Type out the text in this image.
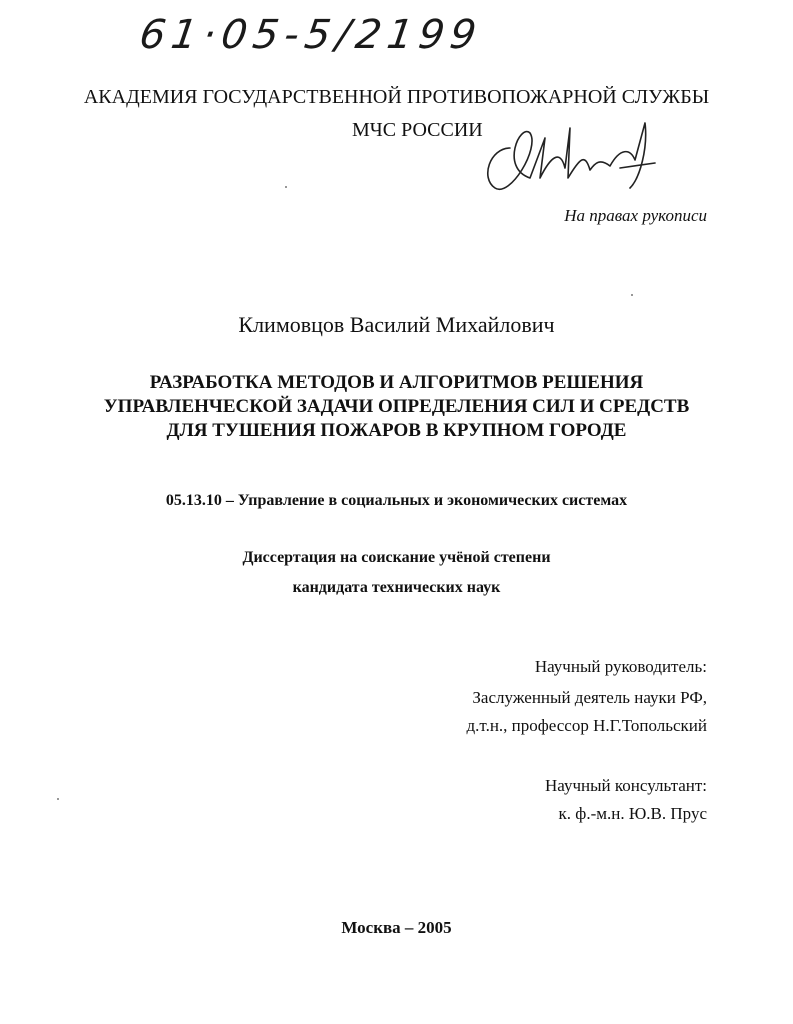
61·05-5/2199
АКАДЕМИЯ ГОСУДАРСТВЕННОЙ ПРОТИВОПОЖАРНОЙ СЛУЖБЫ
МЧС РОССИИ
На правах рукописи
Климовцов Василий Михайлович
РАЗРАБОТКА МЕТОДОВ И АЛГОРИТМОВ РЕШЕНИЯ
УПРАВЛЕНЧЕСКОЙ ЗАДАЧИ ОПРЕДЕЛЕНИЯ СИЛ И СРЕДСТВ
ДЛЯ ТУШЕНИЯ ПОЖАРОВ В КРУПНОМ ГОРОДЕ
05.13.10 – Управление в социальных и экономических системах
Диссертация на соискание учёной степени
кандидата технических наук
Научный руководитель:
Заслуженный деятель науки РФ,
д.т.н., профессор Н.Г.Топольский
Научный консультант:
к. ф.-м.н. Ю.В. Прус
Москва – 2005
